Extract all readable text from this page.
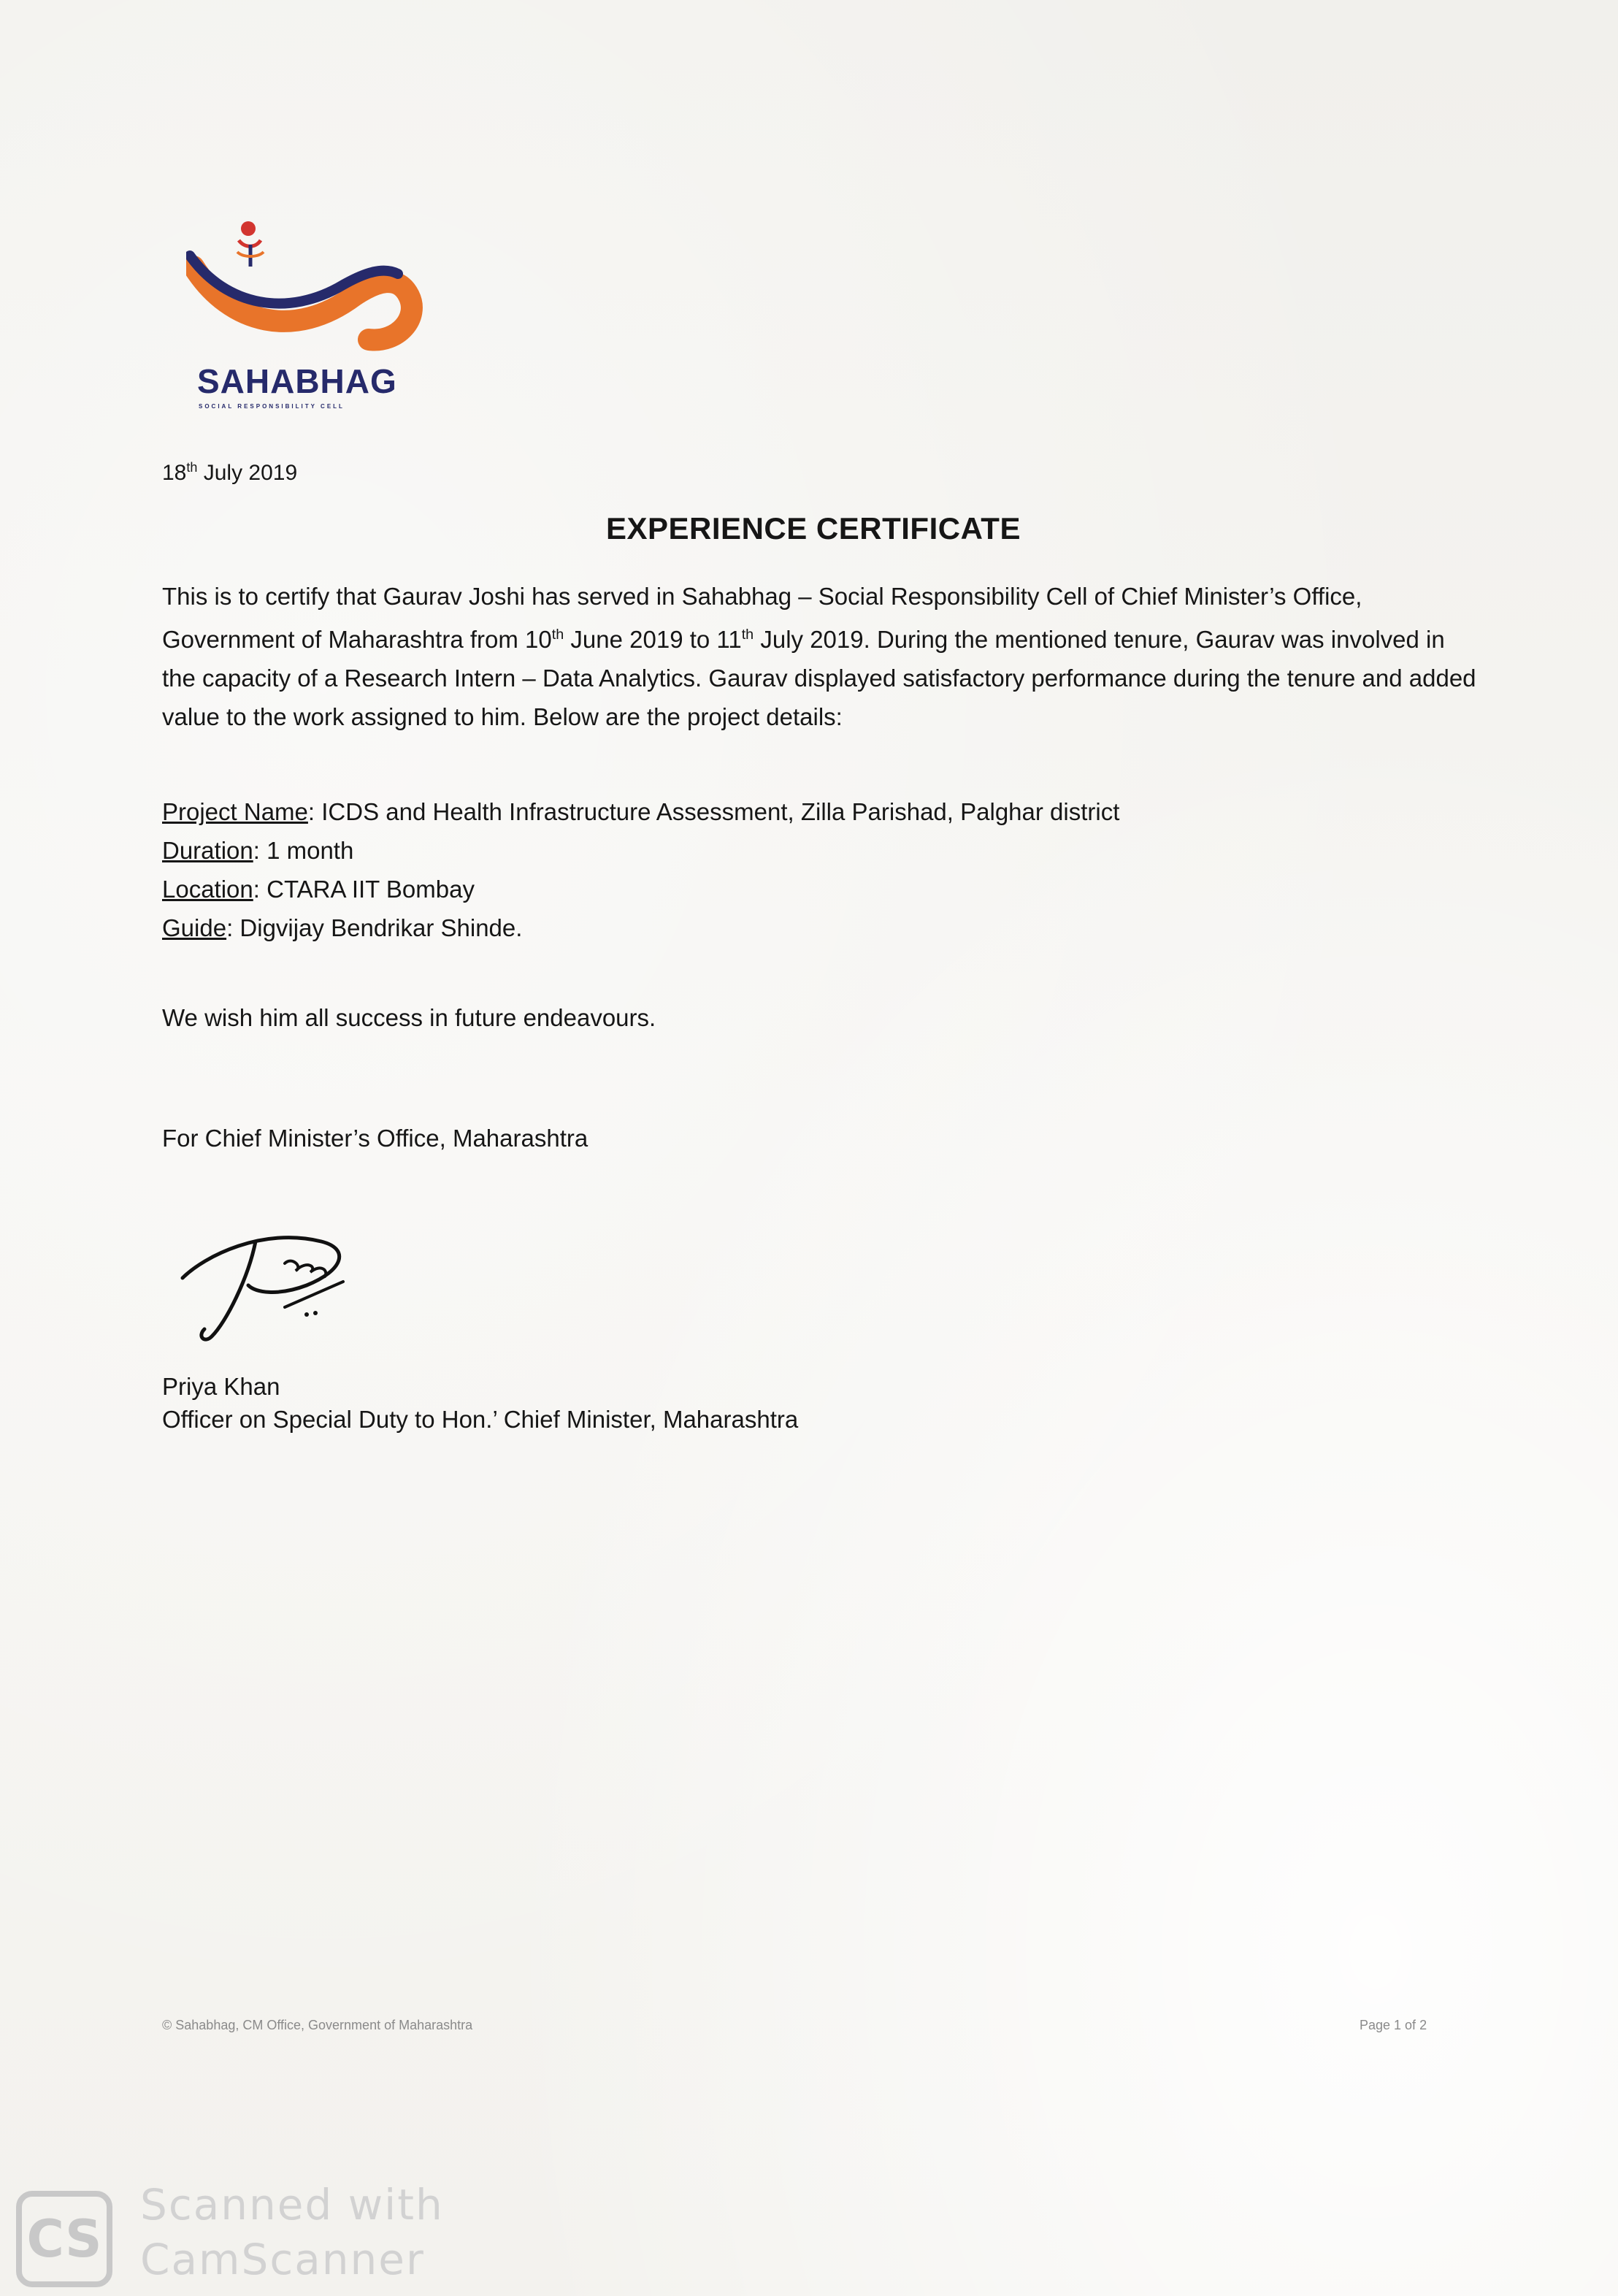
SAHABHAG
SOCIAL RESPONSIBILITY CELL
18th July 2019
EXPERIENCE CERTIFICATE
This is to certify that Gaurav Joshi has served in Sahabhag – Social Responsibility Cell of Chief Minister’s Office, Government of Maharashtra from 10th June 2019 to 11th July 2019. During the mentioned tenure, Gaurav was involved in the capacity of a Research Intern – Data Analytics. Gaurav displayed satisfactory performance during the tenure and added value to the work assigned to him. Below are the project details:
Project Name: ICDS and Health Infrastructure Assessment, Zilla Parishad, Palghar district
Duration: 1 month
Location: CTARA IIT Bombay
Guide: Digvijay Bendrikar Shinde.
We wish him all success in future endeavours.
For Chief Minister’s Office, Maharashtra
Priya Khan
Officer on Special Duty to Hon.’ Chief Minister, Maharashtra
© Sahabhag, CM Office, Government of Maharashtra	Page 1 of 2
CS
Scanned with
CamScanner
